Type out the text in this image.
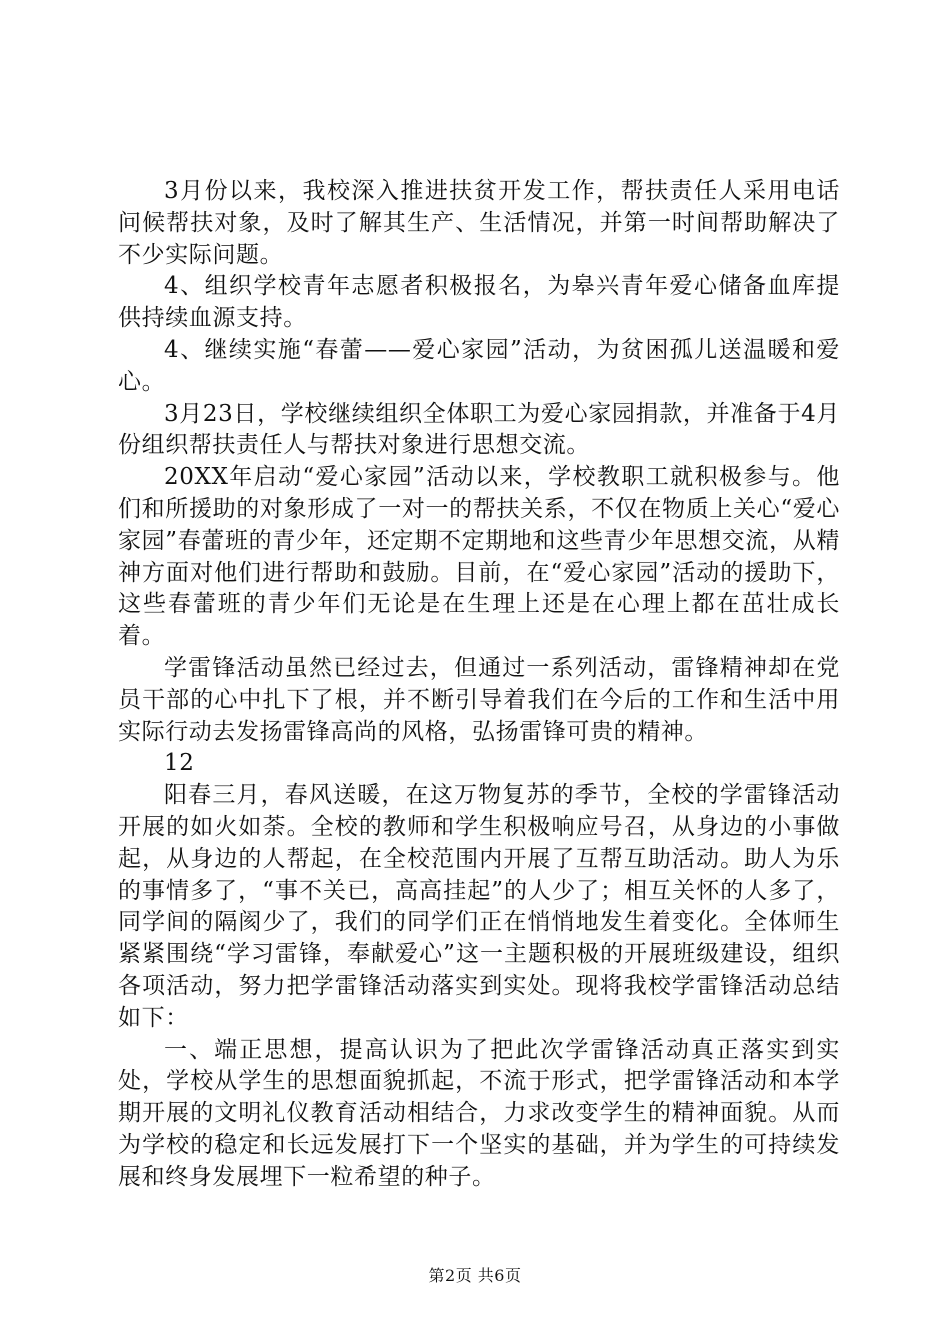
3月份以来，我校深入推进扶贫开发工作，帮扶责任人采用电话问候帮扶对象，及时了解其生产、生活情况，并第一时间帮助解决了不少实际问题。

4、组织学校青年志愿者积极报名，为皋兴青年爱心储备血库提供持续血源支持。

4、继续实施“春蕾——爱心家园”活动，为贫困孤儿送温暖和爱心。

3月23日，学校继续组织全体职工为爱心家园捐款，并准备于4月份组织帮扶责任人与帮扶对象进行思想交流。

20XX年启动“爱心家园”活动以来，学校教职工就积极参与。他们和所援助的对象形成了一对一的帮扶关系，不仅在物质上关心“爱心家园”春蕾班的青少年，还定期不定期地和这些青少年思想交流，从精神方面对他们进行帮助和鼓励。目前，在“爱心家园”活动的援助下，这些春蕾班的青少年们无论是在生理上还是在心理上都在茁壮成长着。

学雷锋活动虽然已经过去，但通过一系列活动，雷锋精神却在党员干部的心中扎下了根，并不断引导着我们在今后的工作和生活中用实际行动去发扬雷锋高尚的风格，弘扬雷锋可贵的精神。

12

阳春三月，春风送暖，在这万物复苏的季节，全校的学雷锋活动开展的如火如荼。全校的教师和学生积极响应号召，从身边的小事做起，从身边的人帮起，在全校范围内开展了互帮互助活动。助人为乐的事情多了，“事不关已，高高挂起”的人少了；相互关怀的人多了，同学间的隔阂少了，我们的同学们正在悄悄地发生着变化。全体师生紧紧围绕“学习雷锋，奉献爱心”这一主题积极的开展班级建设，组织各项活动，努力把学雷锋活动落实到实处。现将我校学雷锋活动总结如下：

一、端正思想，提高认识为了把此次学雷锋活动真正落实到实处，学校从学生的思想面貌抓起，不流于形式，把学雷锋活动和本学期开展的文明礼仪教育活动相结合，力求改变学生的精神面貌。从而为学校的稳定和长远发展打下一个坚实的基础，并为学生的可持续发展和终身发展埋下一粒希望的种子。

第2页 共6页
